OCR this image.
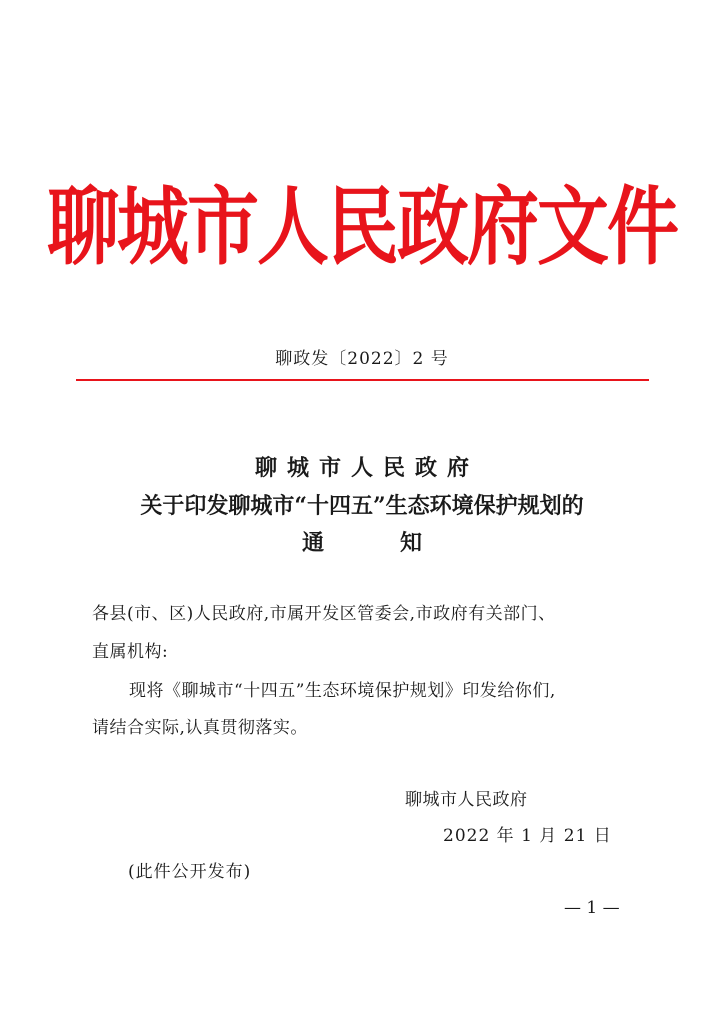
聊城市人民政府文件
聊政发〔2022〕2 号
聊城市人民政府
关于印发聊城市“十四五”生态环境保护规划的
通	知
各县(市、区)人民政府,市属开发区管委会,市政府有关部门、
直属机构:
现将《聊城市“十四五”生态环境保护规划》印发给你们,
请结合实际,认真贯彻落实。
聊城市人民政府
2022 年 1 月 21 日
(此件公开发布)
— 1 —
